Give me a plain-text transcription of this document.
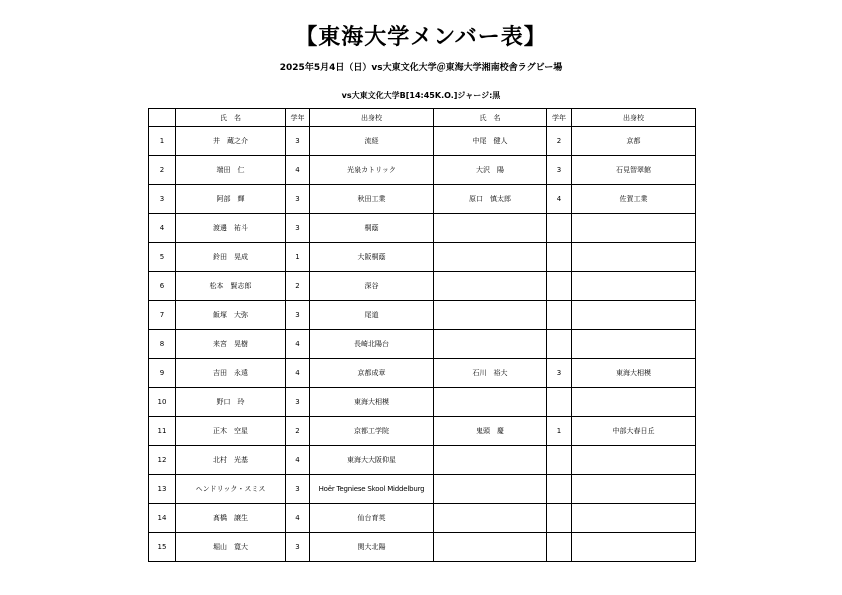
【東海大学メンバー表】
2025年5月4日（日）vs大東文化大学＠東海大学湘南校舎ラグビー場
vs大東文化大学B[14:45K.O.]ジャージ:黒
	氏　名	学年	出身校	氏　名	学年	出身校
1	井　蔵之介	3	流経	中尾　健人	2	京都
2	端田　仁	4	光泉カトリック	大沢　陽	3	石見智翠館
3	阿部　輝	3	秋田工業	原口　慎太郎	4	佐賀工業
4	渡邊　祐斗	3	桐蔭			
5	鈴田　晃成	1	大阪桐蔭			
6	松本　賢志郎	2	深谷			
7	飯塚　大弥	3	尾道			
8	来宮　晃樹	4	長崎北陽台			
9	吉田　永遠	4	京都成章	石川　裕大	3	東海大相模
10	野口　玲	3	東海大相模			
11	正木　空星	2	京都工学院	鬼頭　慶	1	中部大春日丘
12	北村　光基	4	東海大大阪仰星			
13	ヘンドリック・スミス	3	Hoër Tegniese Skool Middelburg			
14	髙橋　譲生	4	仙台育英			
15	堀山　寛大	3	関大北陽			
